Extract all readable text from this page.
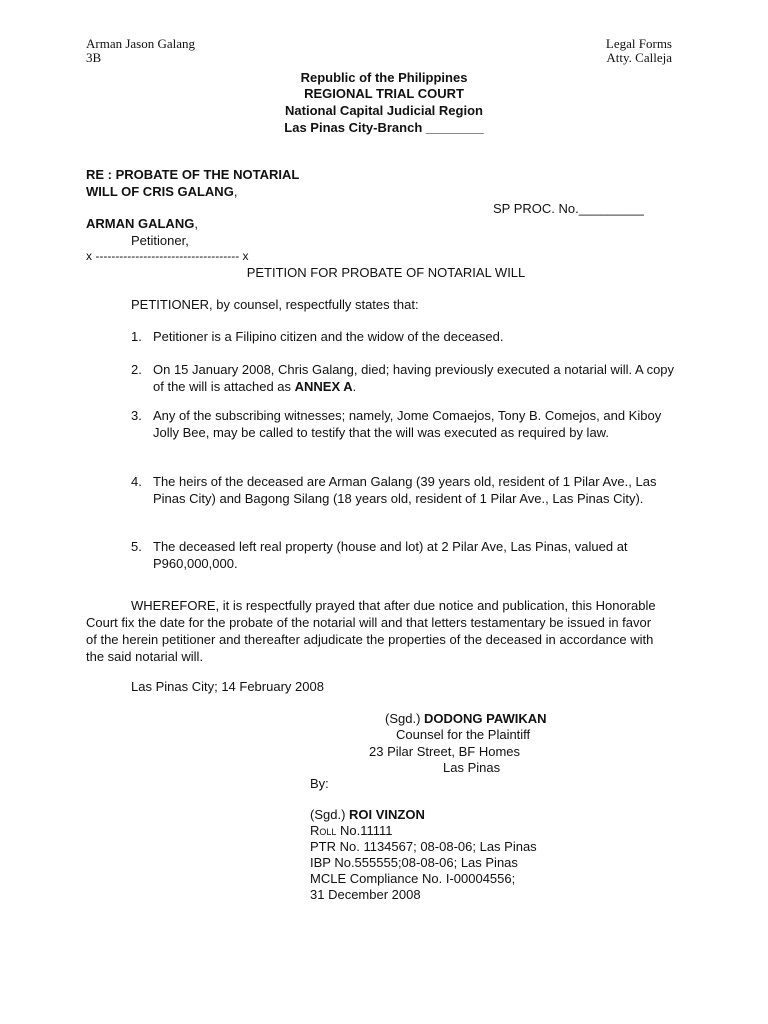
Arman Jason Galang
3B
Legal Forms
Atty. Calleja
Republic of the Philippines
REGIONAL TRIAL COURT
National Capital Judicial Region
Las Pinas City-Branch ________
RE : PROBATE OF THE NOTARIAL
WILL OF CRIS GALANG,
SP PROC. No._________
ARMAN GALANG,
Petitioner,
x ------------------------------------ x
PETITION FOR PROBATE OF NOTARIAL WILL
PETITIONER, by counsel, respectfully states that:
1. Petitioner is a Filipino citizen and the widow of the deceased.
2. On 15 January 2008, Chris Galang, died; having previously executed a notarial will. A copy of the will is attached as ANNEX A.
3. Any of the subscribing witnesses; namely, Jome Comaejos, Tony B. Comejos, and Kiboy Jolly Bee, may be called to testify that the will was executed as required by law.
4. The heirs of the deceased are Arman Galang (39 years old, resident of 1 Pilar Ave., Las Pinas City) and Bagong Silang (18 years old, resident of 1 Pilar Ave., Las Pinas City).
5. The deceased left real property (house and lot) at 2 Pilar Ave, Las Pinas, valued at P960,000,000.
WHEREFORE, it is respectfully prayed that after due notice and publication, this Honorable Court fix the date for the probate of the notarial will and that letters testamentary be issued in favor of the herein petitioner and thereafter adjudicate the properties of the deceased in accordance with the said notarial will.
Las Pinas City; 14 February 2008
(Sgd.) DODONG PAWIKAN
Counsel for the Plaintiff
23 Pilar Street, BF Homes
Las Pinas
By:
(Sgd.) ROI VINZON
Roll No.11111
PTR No. 1134567; 08-08-06; Las Pinas
IBP No.555555;08-08-06; Las Pinas
MCLE Compliance No. I-00004556;
31 December 2008
